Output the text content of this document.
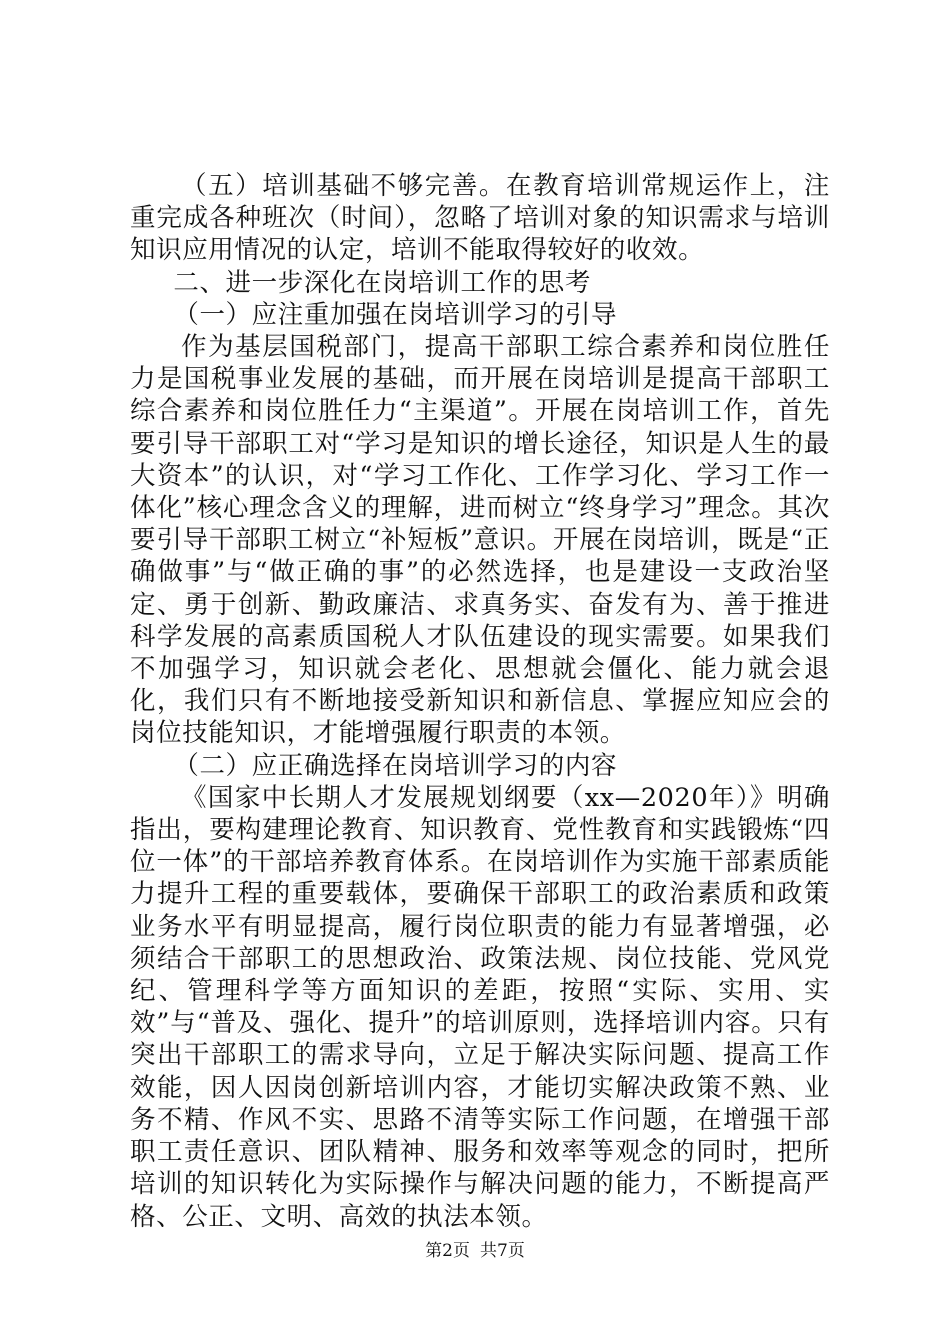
（五）培训基础不够完善。在教育培训常规运作上，注重完成各种班次（时间），忽略了培训对象的知识需求与培训知识应用情况的认定，培训不能取得较好的收效。

二、进一步深化在岗培训工作的思考

（一）应注重加强在岗培训学习的引导

作为基层国税部门，提高干部职工综合素养和岗位胜任力是国税事业发展的基础，而开展在岗培训是提高干部职工综合素养和岗位胜任力“主渠道”。开展在岗培训工作，首先要引导干部职工对“学习是知识的增长途径，知识是人生的最大资本”的认识，对“学习工作化、工作学习化、学习工作一体化”核心理念含义的理解，进而树立“终身学习”理念。其次要引导干部职工树立“补短板”意识。开展在岗培训，既是“正确做事”与“做正确的事”的必然选择，也是建设一支政治坚定、勇于创新、勤政廉洁、求真务实、奋发有为、善于推进科学发展的高素质国税人才队伍建设的现实需要。如果我们不加强学习，知识就会老化、思想就会僵化、能力就会退化，我们只有不断地接受新知识和新信息、掌握应知应会的岗位技能知识，才能增强履行职责的本领。

（二）应正确选择在岗培训学习的内容

《国家中长期人才发展规划纲要（xx—2020年）》明确指出，要构建理论教育、知识教育、党性教育和实践锻炼“四位一体”的干部培养教育体系。在岗培训作为实施干部素质能力提升工程的重要载体，要确保干部职工的政治素质和政策业务水平有明显提高，履行岗位职责的能力有显著增强，必须结合干部职工的思想政治、政策法规、岗位技能、党风党纪、管理科学等方面知识的差距，按照“实际、实用、实效”与“普及、强化、提升”的培训原则，选择培训内容。只有突出干部职工的需求导向，立足于解决实际问题、提高工作效能，因人因岗创新培训内容，才能切实解决政策不熟、业务不精、作风不实、思路不清等实际工作问题，在增强干部职工责任意识、团队精神、服务和效率等观念的同时，把所培训的知识转化为实际操作与解决问题的能力，不断提高严格、公正、文明、高效的执法本领。

第2页 共7页
